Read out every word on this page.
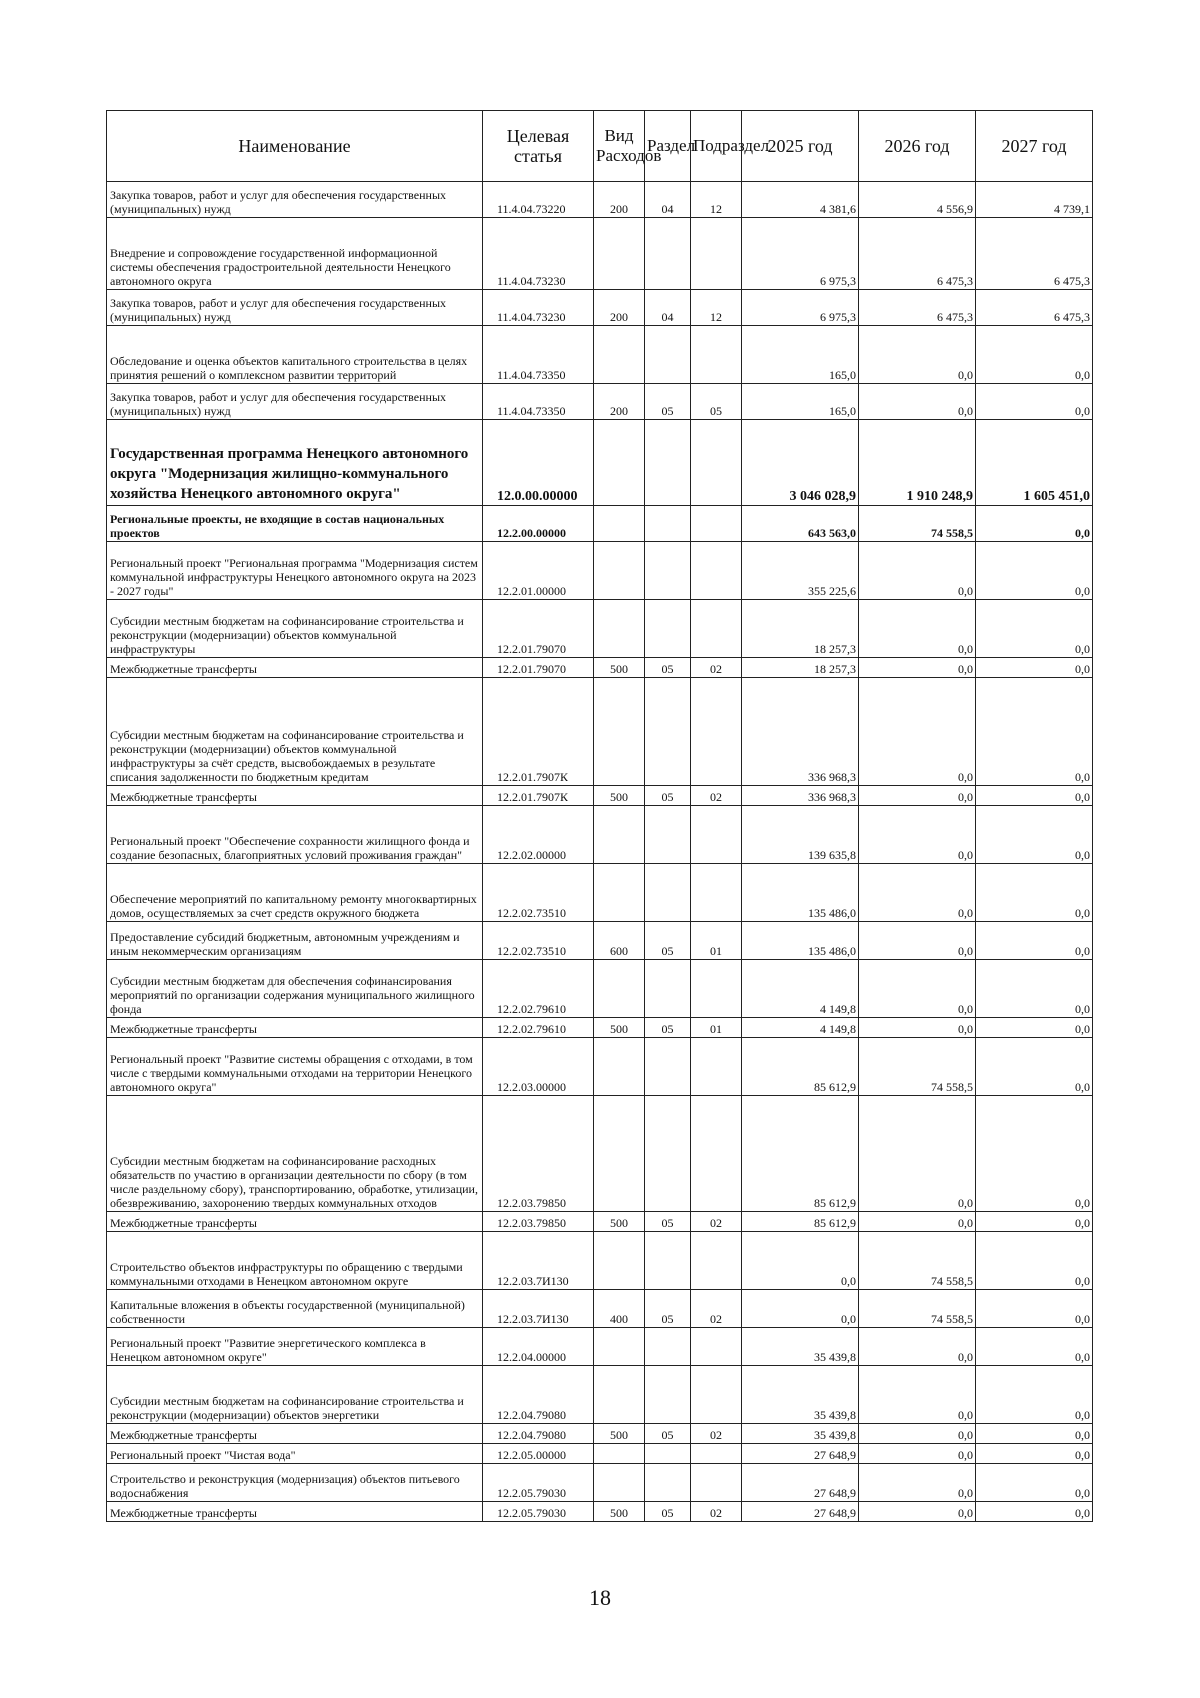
Наименование	Целевая статья	Вид Расходов	Раздел	Подраздел	2025 год	2026 год	2027 год
Закупка товаров, работ и услуг для обеспечения государственных (муниципальных) нужд	11.4.04.73220	200	04	12	4 381,6	4 556,9	4 739,1
Внедрение и сопровождение государственной информационной системы обеспечения градостроительной деятельности Ненецкого автономного округа	11.4.04.73230				6 975,3	6 475,3	6 475,3
Закупка товаров, работ и услуг для обеспечения государственных (муниципальных) нужд	11.4.04.73230	200	04	12	6 975,3	6 475,3	6 475,3
Обследование и оценка объектов капитального строительства в целях принятия решений о комплексном развитии территорий	11.4.04.73350				165,0	0,0	0,0
Закупка товаров, работ и услуг для обеспечения государственных (муниципальных) нужд	11.4.04.73350	200	05	05	165,0	0,0	0,0
Государственная программа Ненецкого автономного округа "Модернизация жилищно-коммунального хозяйства Ненецкого автономного округа"	12.0.00.00000				3 046 028,9	1 910 248,9	1 605 451,0
Региональные проекты, не входящие в состав национальных проектов	12.2.00.00000				643 563,0	74 558,5	0,0
Региональный проект "Региональная программа "Модернизация систем коммунальной инфраструктуры Ненецкого автономного округа на 2023 - 2027 годы"	12.2.01.00000				355 225,6	0,0	0,0
Субсидии местным бюджетам на софинансирование строительства и реконструкции (модернизации) объектов коммунальной инфраструктуры	12.2.01.79070				18 257,3	0,0	0,0
Межбюджетные трансферты	12.2.01.79070	500	05	02	18 257,3	0,0	0,0
Субсидии местным бюджетам на софинансирование строительства и реконструкции (модернизации) объектов коммунальной инфраструктуры за счёт средств, высвобождаемых в результате списания задолженности по бюджетным кредитам	12.2.01.7907К				336 968,3	0,0	0,0
Межбюджетные трансферты	12.2.01.7907К	500	05	02	336 968,3	0,0	0,0
Региональный проект "Обеспечение сохранности жилищного фонда и создание безопасных, благоприятных условий проживания граждан"	12.2.02.00000				139 635,8	0,0	0,0
Обеспечение мероприятий по капитальному ремонту многоквартирных домов, осуществляемых за счет средств окружного бюджета	12.2.02.73510				135 486,0	0,0	0,0
Предоставление субсидий бюджетным, автономным учреждениям и иным некоммерческим организациям	12.2.02.73510	600	05	01	135 486,0	0,0	0,0
Субсидии местным бюджетам для обеспечения софинансирования мероприятий по организации содержания муниципального жилищного фонда	12.2.02.79610				4 149,8	0,0	0,0
Межбюджетные трансферты	12.2.02.79610	500	05	01	4 149,8	0,0	0,0
Региональный проект "Развитие системы обращения с отходами, в том числе с твердыми коммунальными отходами на территории Ненецкого автономного округа"	12.2.03.00000				85 612,9	74 558,5	0,0
Субсидии местным бюджетам на софинансирование расходных обязательств по участию в организации деятельности по сбору (в том числе раздельному сбору), транспортированию, обработке, утилизации, обезвреживанию, захоронению твердых коммунальных отходов	12.2.03.79850				85 612,9	0,0	0,0
Межбюджетные трансферты	12.2.03.79850	500	05	02	85 612,9	0,0	0,0
Строительство объектов инфраструктуры по обращению с твердыми коммунальными отходами в Ненецком автономном округе	12.2.03.7И130				0,0	74 558,5	0,0
Капитальные вложения в объекты государственной (муниципальной) собственности	12.2.03.7И130	400	05	02	0,0	74 558,5	0,0
Региональный проект "Развитие энергетического комплекса в Ненецком автономном округе"	12.2.04.00000				35 439,8	0,0	0,0
Субсидии местным бюджетам на софинансирование строительства и реконструкции (модернизации) объектов энергетики	12.2.04.79080				35 439,8	0,0	0,0
Межбюджетные трансферты	12.2.04.79080	500	05	02	35 439,8	0,0	0,0
Региональный проект "Чистая вода"	12.2.05.00000				27 648,9	0,0	0,0
Строительство и реконструкция (модернизация) объектов питьевого водоснабжения	12.2.05.79030				27 648,9	0,0	0,0
Межбюджетные трансферты	12.2.05.79030	500	05	02	27 648,9	0,0	0,0
18
